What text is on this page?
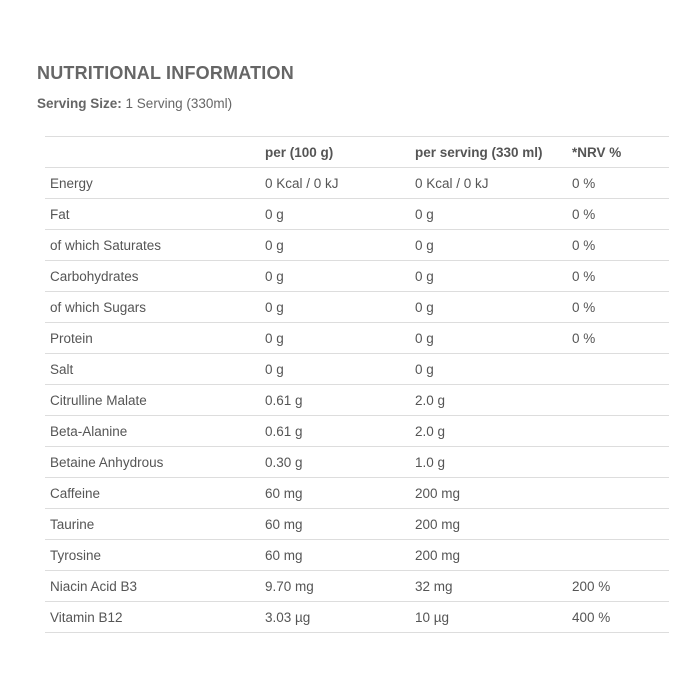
NUTRITIONAL INFORMATION
Serving Size: 1 Serving (330ml)
	per (100 g)	per serving (330 ml)	*NRV %
Energy	0 Kcal / 0 kJ	0 Kcal / 0 kJ	0 %
Fat	0 g	0 g	0 %
of which Saturates	0 g	0 g	0 %
Carbohydrates	0 g	0 g	0 %
of which Sugars	0 g	0 g	0 %
Protein	0 g	0 g	0 %
Salt	0 g	0 g	
Citrulline Malate	0.61 g	2.0 g	
Beta-Alanine	0.61 g	2.0 g	
Betaine Anhydrous	0.30 g	1.0 g	
Caffeine	60 mg	200 mg	
Taurine	60 mg	200 mg	
Tyrosine	60 mg	200 mg	
Niacin Acid B3	9.70 mg	32 mg	200 %
Vitamin B12	3.03 µg	10 µg	400 %
